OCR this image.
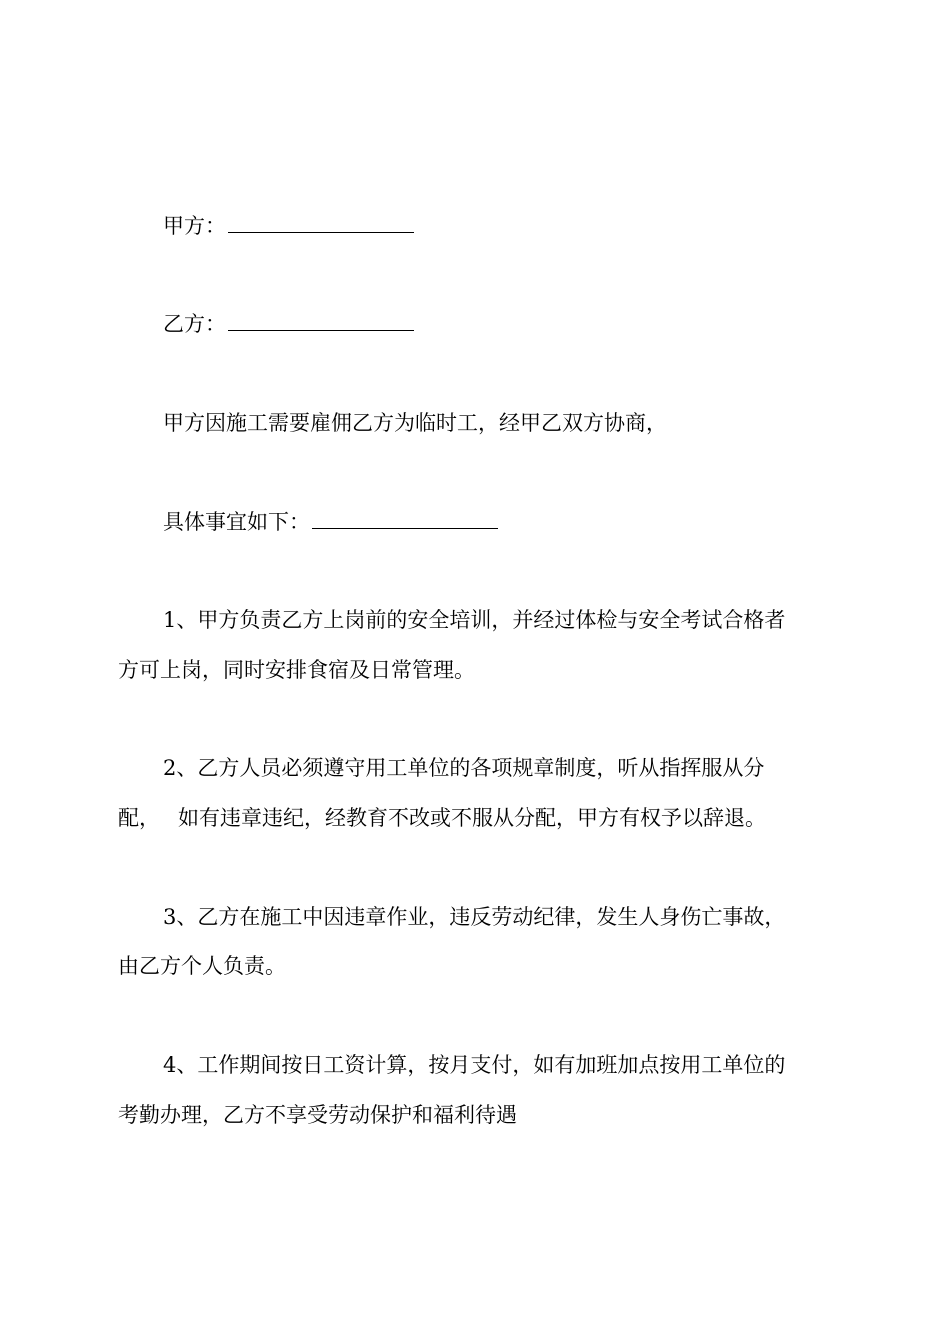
甲方：
乙方：
甲方因施工需要雇佣乙方为临时工，经甲乙双方协商，
具体事宜如下：
1、甲方负责乙方上岗前的安全培训，并经过体检与安全考试合格者
方可上岗，同时安排食宿及日常管理。
2、乙方人员必须遵守用工单位的各项规章制度，听从指挥服从分
配， 如有违章违纪，经教育不改或不服从分配，甲方有权予以辞退。
3、乙方在施工中因违章作业，违反劳动纪律，发生人身伤亡事故，
由乙方个人负责。
4、工作期间按日工资计算，按月支付，如有加班加点按用工单位的
考勤办理，乙方不享受劳动保护和福利待遇
